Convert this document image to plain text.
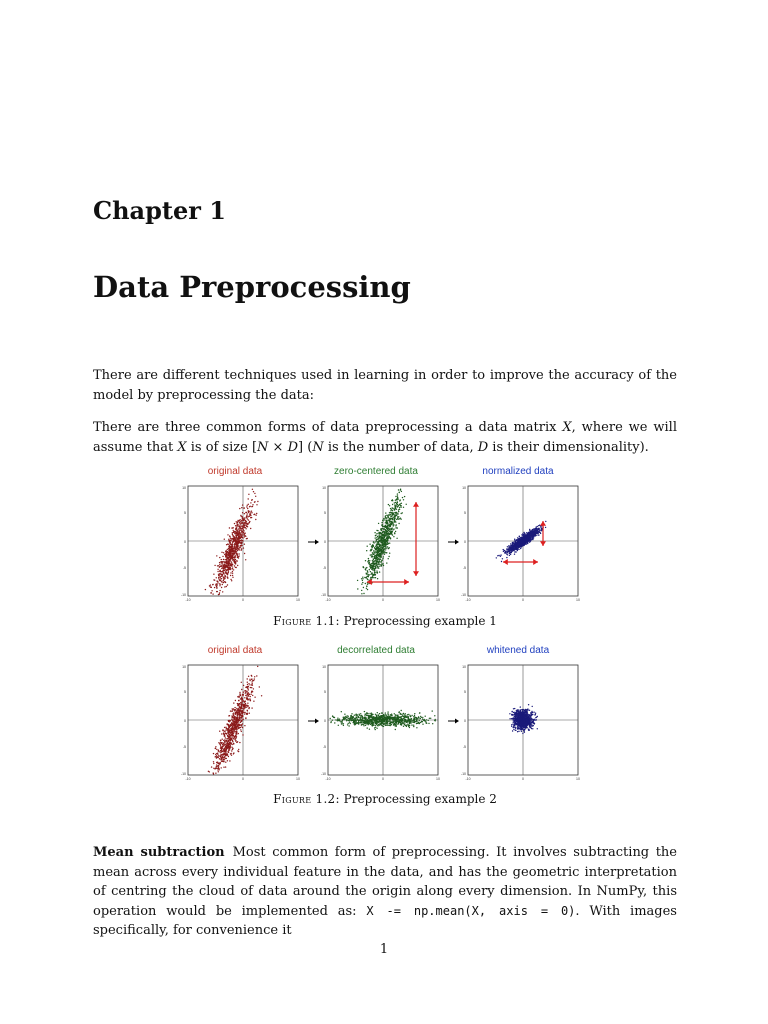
Chapter 1
Data Preprocessing

There are different techniques used in learning in order to improve the accuracy of the model by preprocessing the data:

There are three common forms of data preprocessing a data matrix X, where we will assume that X is of size [N × D] (N is the number of data, D is their dimensionality).

original data	zero-centered data	normalized data
10
5
0
-5
-10
-10	0	10
10
5
0
-5
-10
-10	0	10
10
5
0
-5
-10
-10	0	10
Figure 1.1: Preprocessing example 1
original data	decorrelated data	whitened data
10
5
0
-5
-10
-10	0	10
10
5
0
-5
-10
-10	0	10
10
5
0
-5
-10
-10	0	10
Figure 1.2: Preprocessing example 2

Mean subtraction Most common form of preprocessing. It involves subtracting the mean across every individual feature in the data, and has the geometric interpretation of centring the cloud of data around the origin along every dimension. In NumPy, this operation would be implemented as: X -= np.mean(X, axis = 0). With images specifically, for convenience it

1
